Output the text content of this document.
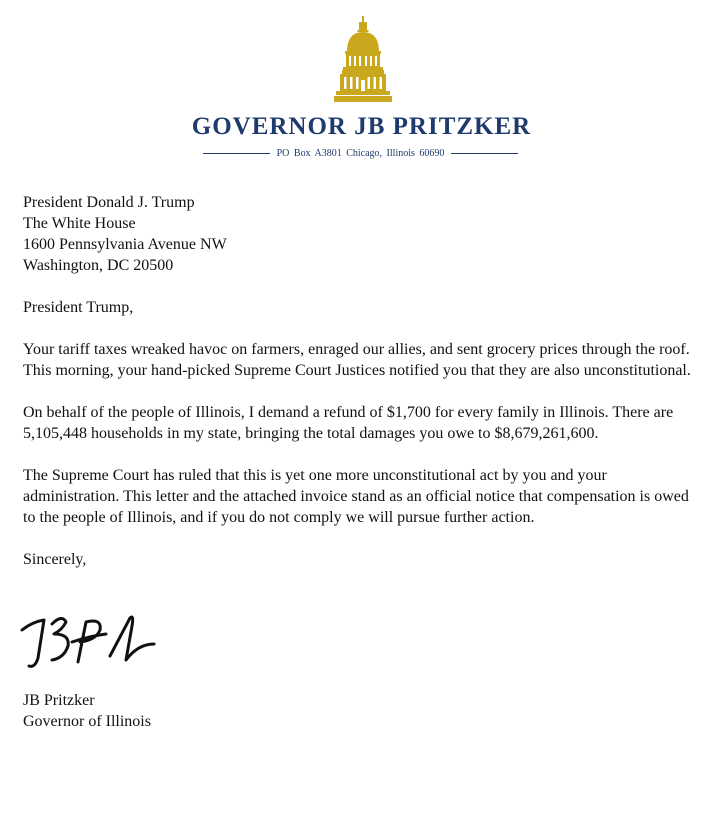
GOVERNOR JB PRITZKER
PO Box A3801 Chicago, Illinois 60690
President Donald J. Trump
The White House
1600 Pennsylvania Avenue NW
Washington, DC 20500

President Trump,

Your tariff taxes wreaked havoc on farmers, enraged our allies, and sent grocery prices through the roof. This morning, your hand-picked Supreme Court Justices notified you that they are also unconstitutional.

On behalf of the people of Illinois, I demand a refund of $1,700 for every family in Illinois. There are 5,105,448 households in my state, bringing the total damages you owe to $8,679,261,600.

The Supreme Court has ruled that this is yet one more unconstitutional act by you and your administration. This letter and the attached invoice stand as an official notice that compensation is owed to the people of Illinois, and if you do not comply we will pursue further action.

Sincerely,

JB Pritzker
Governor of Illinois
